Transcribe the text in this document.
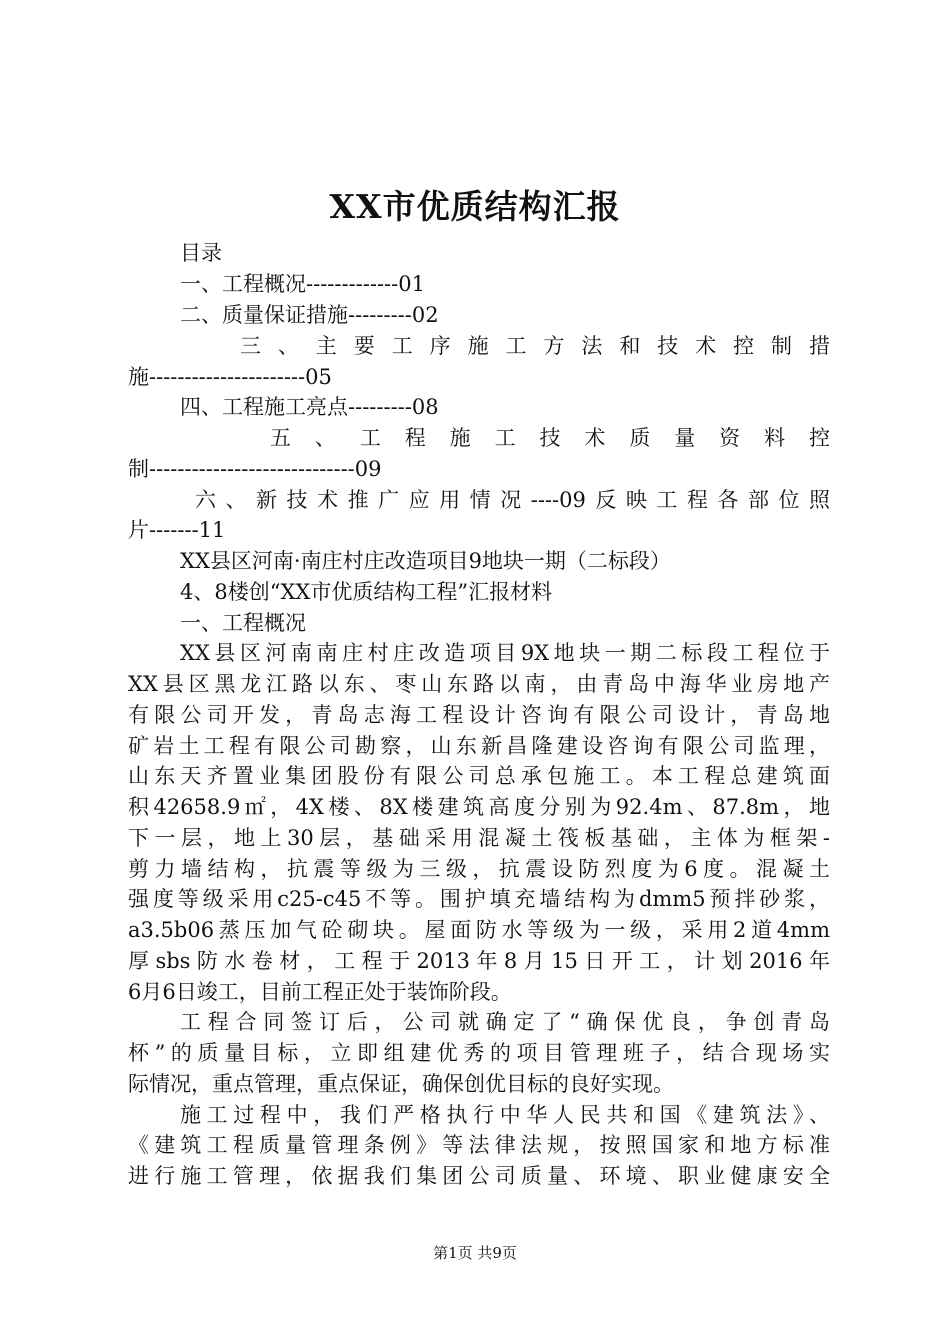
XX市优质结构汇报
目录
一、工程概况-------------01
二、质量保证措施---------02
三 、 主 要 工 序 施 工 方 法 和 技 术 控 制 措
施----------------------05
四、工程施工亮点---------08
五 、 工 程 施 工 技 术 质 量 资 料 控
制-----------------------------09
六、新技术推广应用情况----09反映工程各部位照
片-------11
XX县区河南·南庄村庄改造项目9地块一期（二标段）
4、8楼创“XX市优质结构工程”汇报材料
一、工程概况
XX县区河南南庄村庄改造项目9X地块一期二标段工程位于
XX县区黑龙江路以东、枣山东路以南，由青岛中海华业房地产
有限公司开发，青岛志海工程设计咨询有限公司设计，青岛地
矿岩土工程有限公司勘察，山东新昌隆建设咨询有限公司监理，
山东天齐置业集团股份有限公司总承包施工。本工程总建筑面
积42658.9㎡，4X楼、8X楼建筑高度分别为92.4m、87.8m，地
下一层，地上30层，基础采用混凝土筏板基础，主体为框架-
剪力墙结构，抗震等级为三级，抗震设防烈度为6度。混凝土
强度等级采用c25-c45不等。围护填充墙结构为dmm5预拌砂浆，
a3.5b06蒸压加气砼砌块。屋面防水等级为一级，采用2道4mm
厚sbs防水卷材，工程于2013年8月15日开工，计划2016年
6月6日竣工，目前工程正处于装饰阶段。
工程合同签订后，公司就确定了“确保优良，争创青岛
杯”的质量目标，立即组建优秀的项目管理班子，结合现场实
际情况，重点管理，重点保证，确保创优目标的良好实现。
施工过程中，我们严格执行中华人民共和国《建筑法》、
《建筑工程质量管理条例》等法律法规，按照国家和地方标准
进行施工管理，依据我们集团公司质量、环境、职业健康安全
第1页 共9页
